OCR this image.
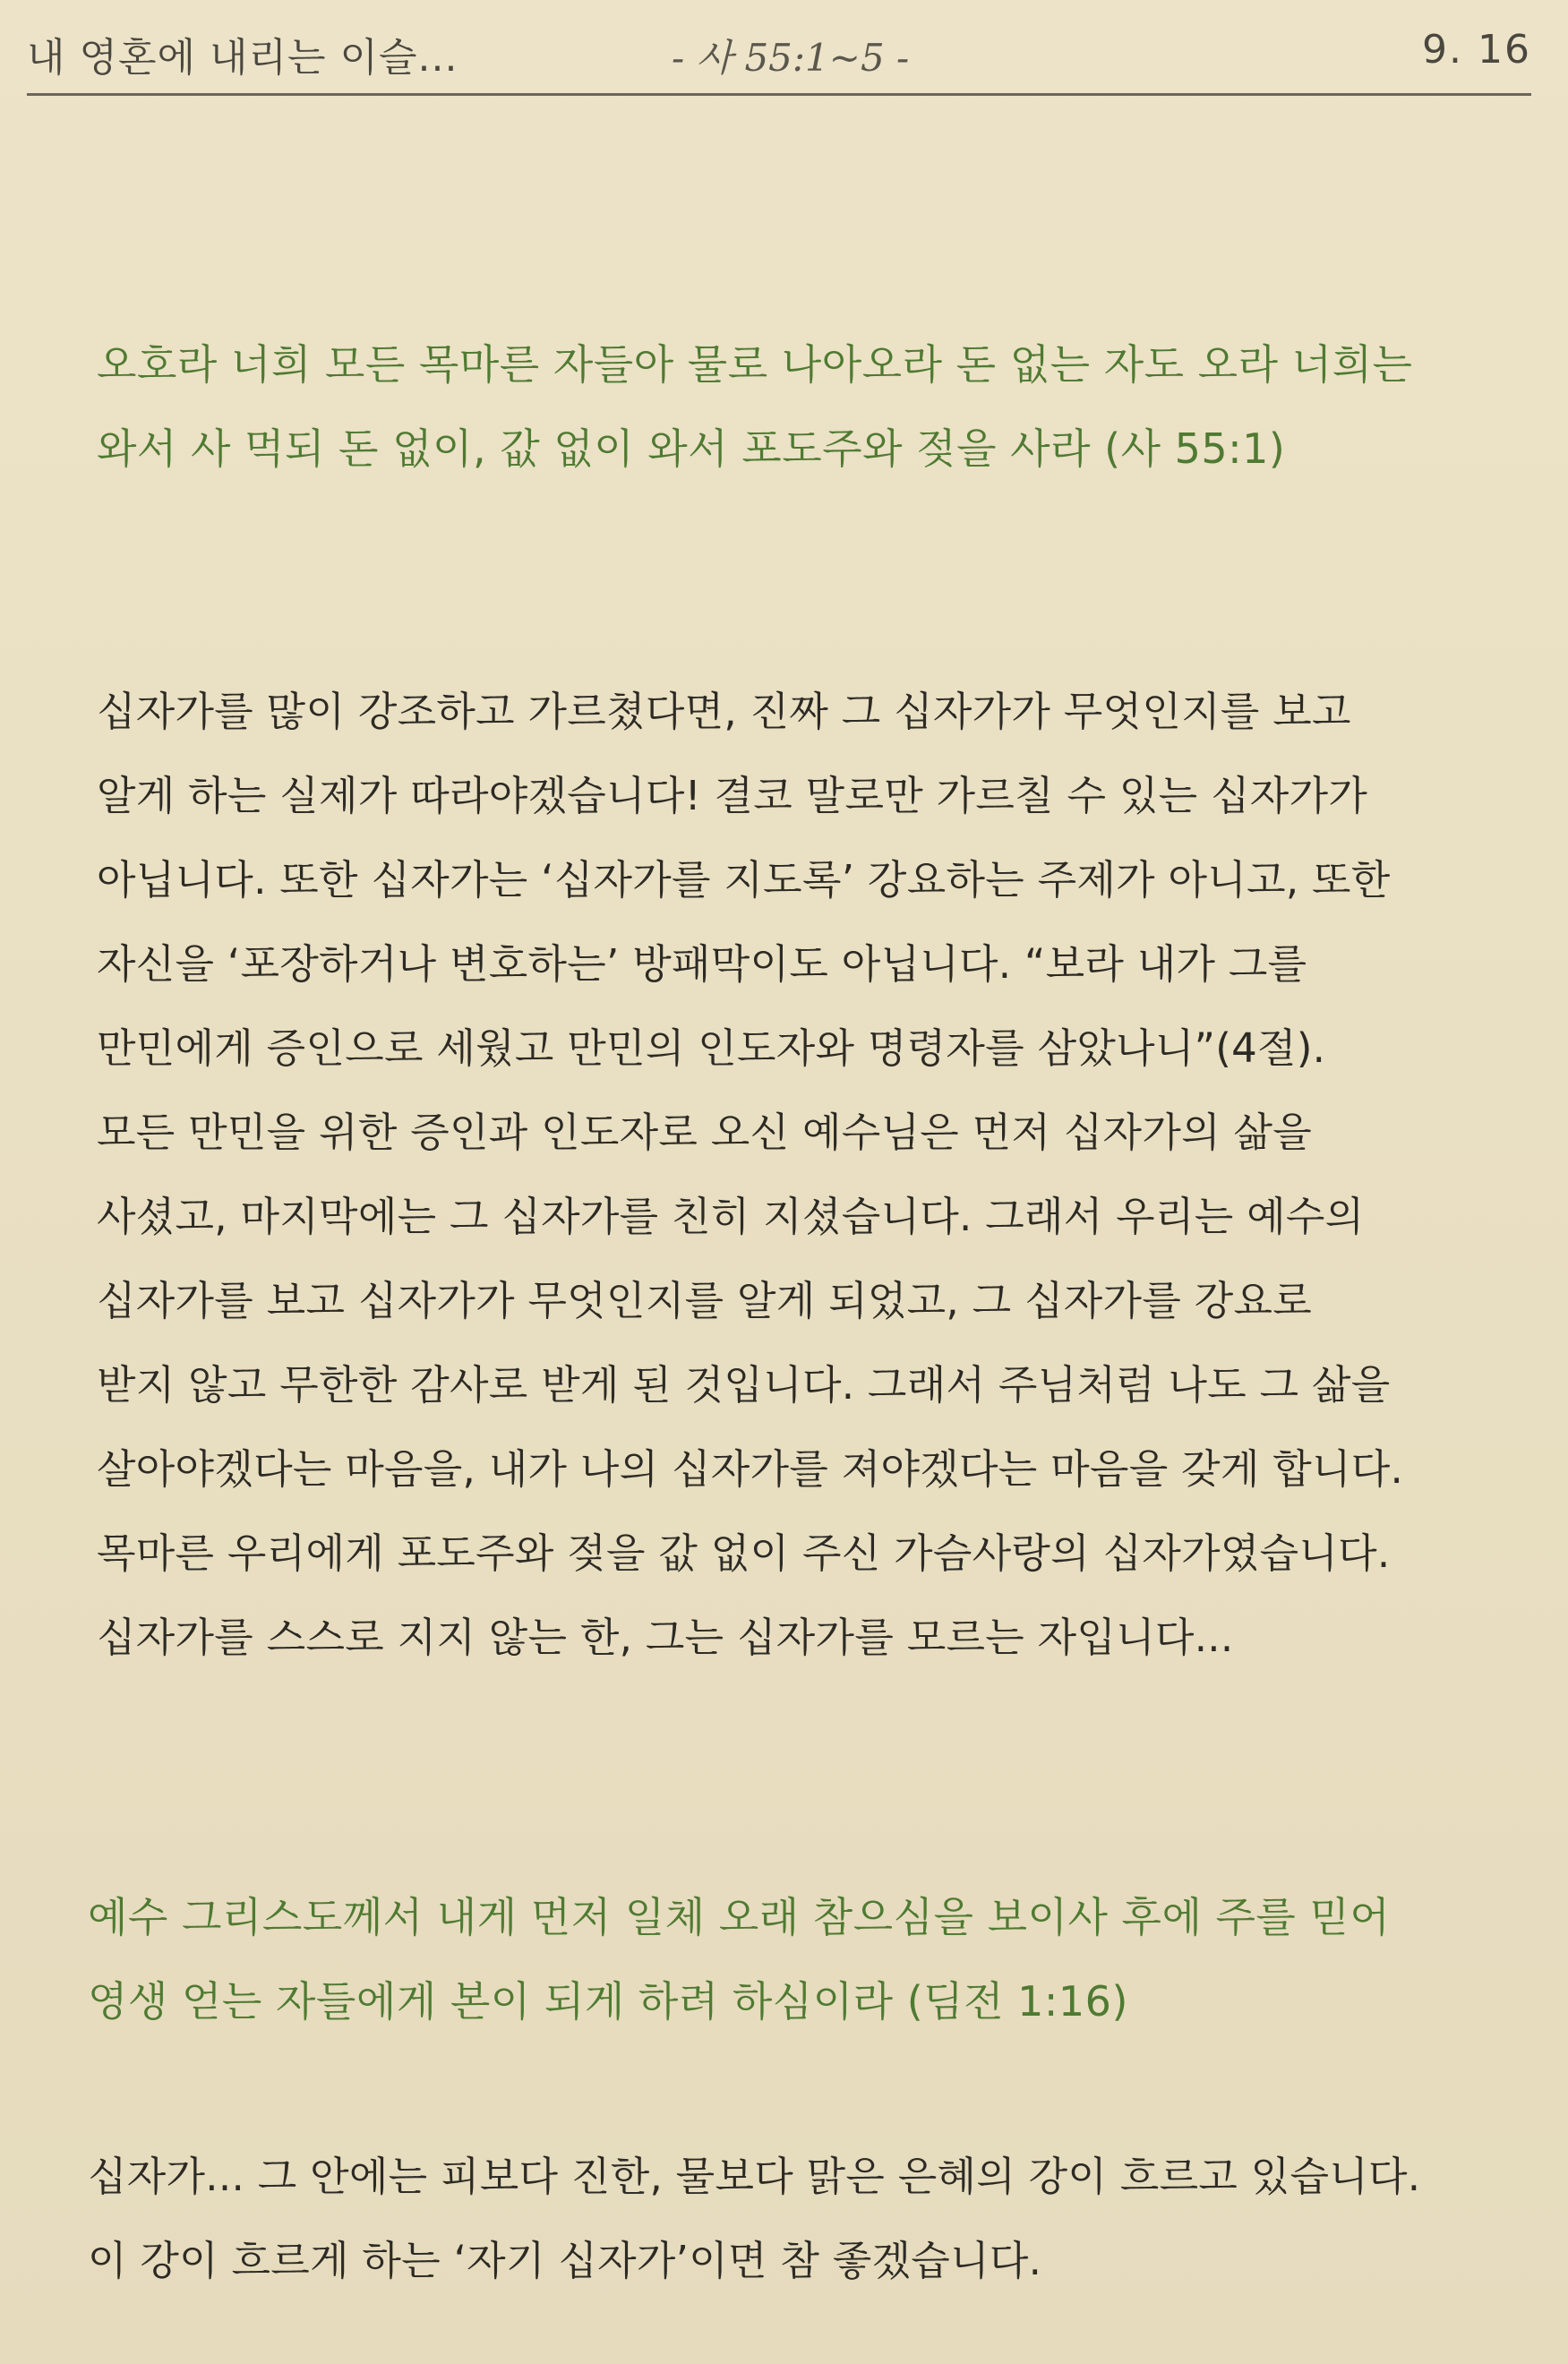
내 영혼에 내리는 이슬...	- 사 55:1~5 -	9. 16
오호라 너희 모든 목마른 자들아 물로 나아오라 돈 없는 자도 오라 너희는
와서 사 먹되 돈 없이, 값 없이 와서 포도주와 젖을 사라 (사 55:1)
십자가를 많이 강조하고 가르쳤다면, 진짜 그 십자가가 무엇인지를 보고
알게 하는 실제가 따라야겠습니다! 결코 말로만 가르칠 수 있는 십자가가
아닙니다. 또한 십자가는 ‘십자가를 지도록’ 강요하는 주제가 아니고, 또한
자신을 ‘포장하거나 변호하는’ 방패막이도 아닙니다. “보라 내가 그를
만민에게 증인으로 세웠고 만민의 인도자와 명령자를 삼았나니”(4절).
모든 만민을 위한 증인과 인도자로 오신 예수님은 먼저 십자가의 삶을
사셨고, 마지막에는 그 십자가를 친히 지셨습니다. 그래서 우리는 예수의
십자가를 보고 십자가가 무엇인지를 알게 되었고, 그 십자가를 강요로
받지 않고 무한한 감사로 받게 된 것입니다. 그래서 주님처럼 나도 그 삶을
살아야겠다는 마음을, 내가 나의 십자가를 져야겠다는 마음을 갖게 합니다.
목마른 우리에게 포도주와 젖을 값 없이 주신 가슴사랑의 십자가였습니다.
십자가를 스스로 지지 않는 한, 그는 십자가를 모르는 자입니다...
예수 그리스도께서 내게 먼저 일체 오래 참으심을 보이사 후에 주를 믿어
영생 얻는 자들에게 본이 되게 하려 하심이라 (딤전 1:16)
십자가... 그 안에는 피보다 진한, 물보다 맑은 은혜의 강이 흐르고 있습니다.
이 강이 흐르게 하는 ‘자기 십자가’이면 참 좋겠습니다.
